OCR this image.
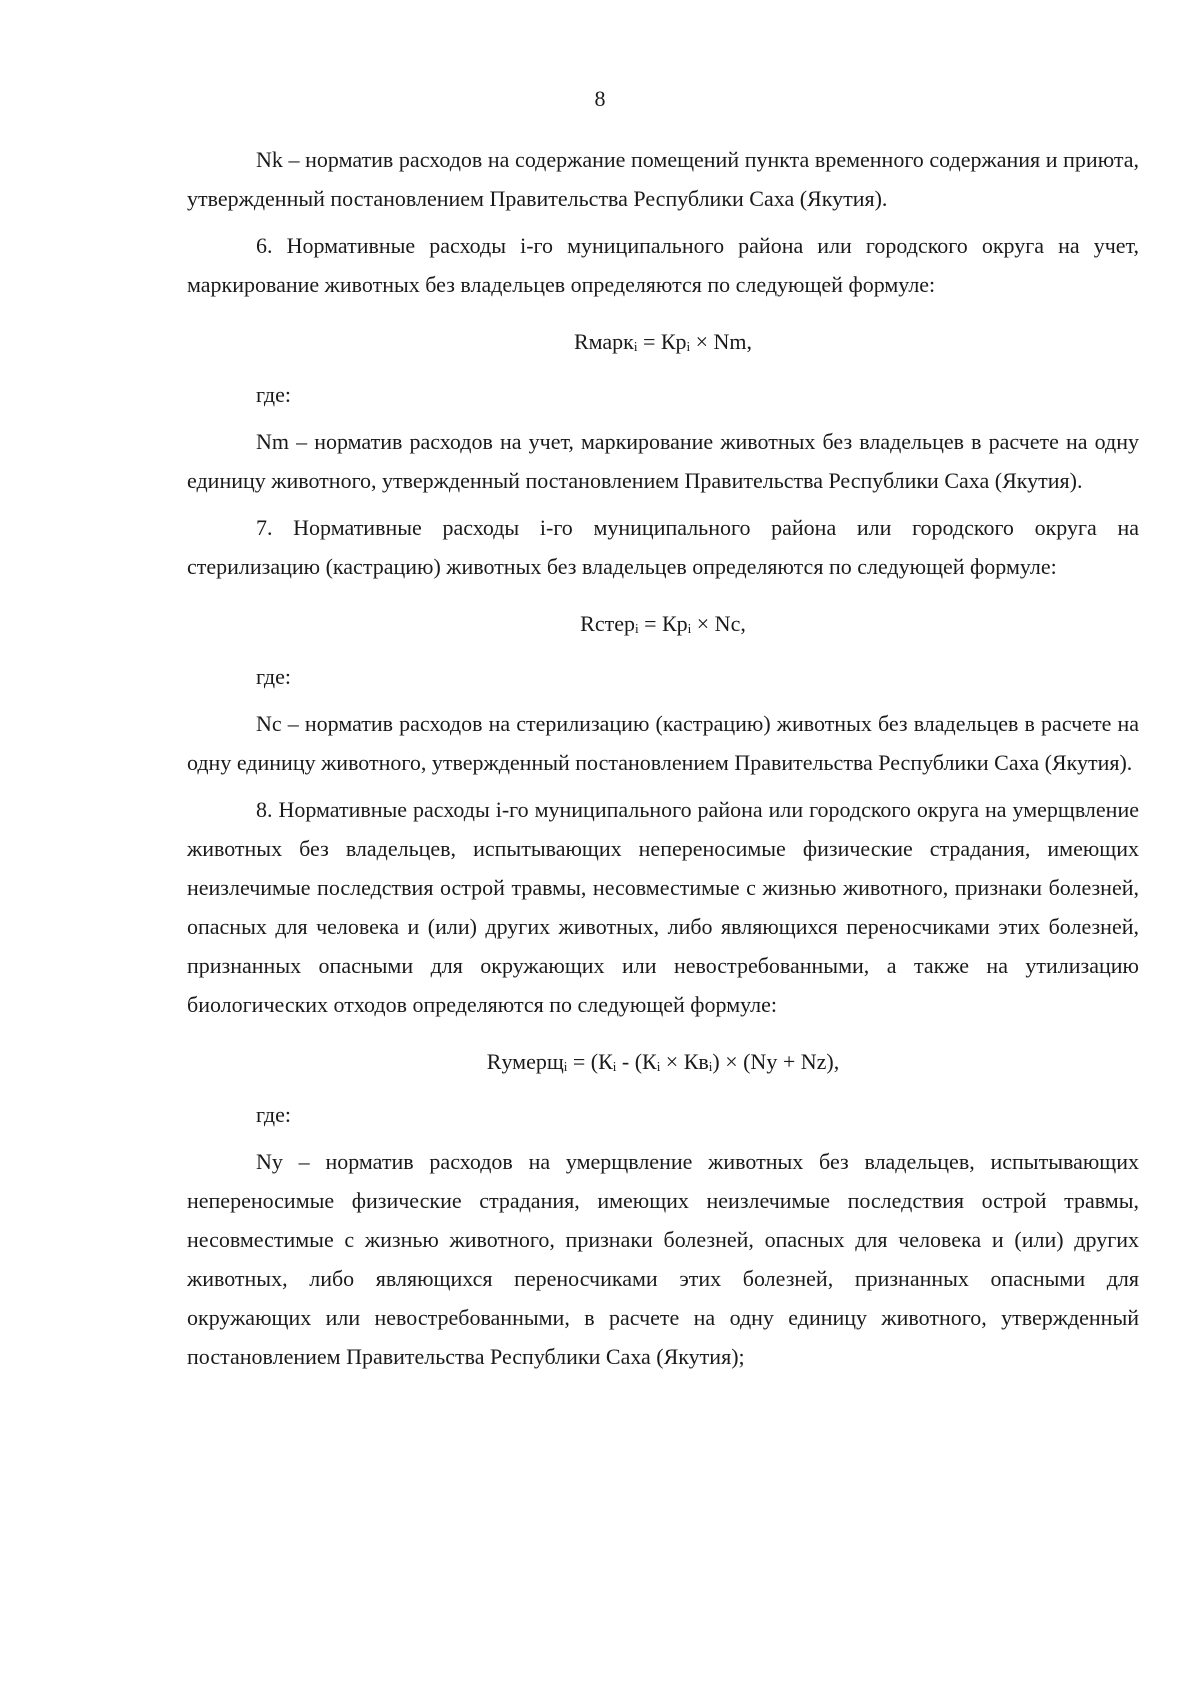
8

Nk – норматив расходов на содержание помещений пункта временного содержания и приюта, утвержденный постановлением Правительства Республики Саха (Якутия).

6. Нормативные расходы i-го муниципального района или городского округа на учет, маркирование животных без владельцев определяются по следующей формуле:

Rмаркᵢ = Кpᵢ × Nm,

где:

Nm – норматив расходов на учет, маркирование животных без владельцев в расчете на одну единицу животного, утвержденный постановлением Правительства Республики Саха (Якутия).

7. Нормативные расходы i-го муниципального района или городского округа на стерилизацию (кастрацию) животных без владельцев определяются по следующей формуле:

Rстерᵢ = Кpᵢ × Nc,

где:

Nc – норматив расходов на стерилизацию (кастрацию) животных без владельцев в расчете на одну единицу животного, утвержденный постановлением Правительства Республики Саха (Якутия).

8. Нормативные расходы i-го муниципального района или городского округа на умерщвление животных без владельцев, испытывающих непереносимые физические страдания, имеющих неизлечимые последствия острой травмы, несовместимые с жизнью животного, признаки болезней, опасных для человека и (или) других животных, либо являющихся переносчиками этих болезней, признанных опасными для окружающих или невостребованными, а также на утилизацию биологических отходов определяются по следующей формуле:

Rумерщᵢ = (Кᵢ - (Кᵢ × Квᵢ) × (Ny + Nz),

где:

Ny – норматив расходов на умерщвление животных без владельцев, испытывающих непереносимые физические страдания, имеющих неизлечимые последствия острой травмы, несовместимые с жизнью животного, признаки болезней, опасных для человека и (или) других животных, либо являющихся переносчиками этих болезней, признанных опасными для окружающих или невостребованными, в расчете на одну единицу животного, утвержденный постановлением Правительства Республики Саха (Якутия);
